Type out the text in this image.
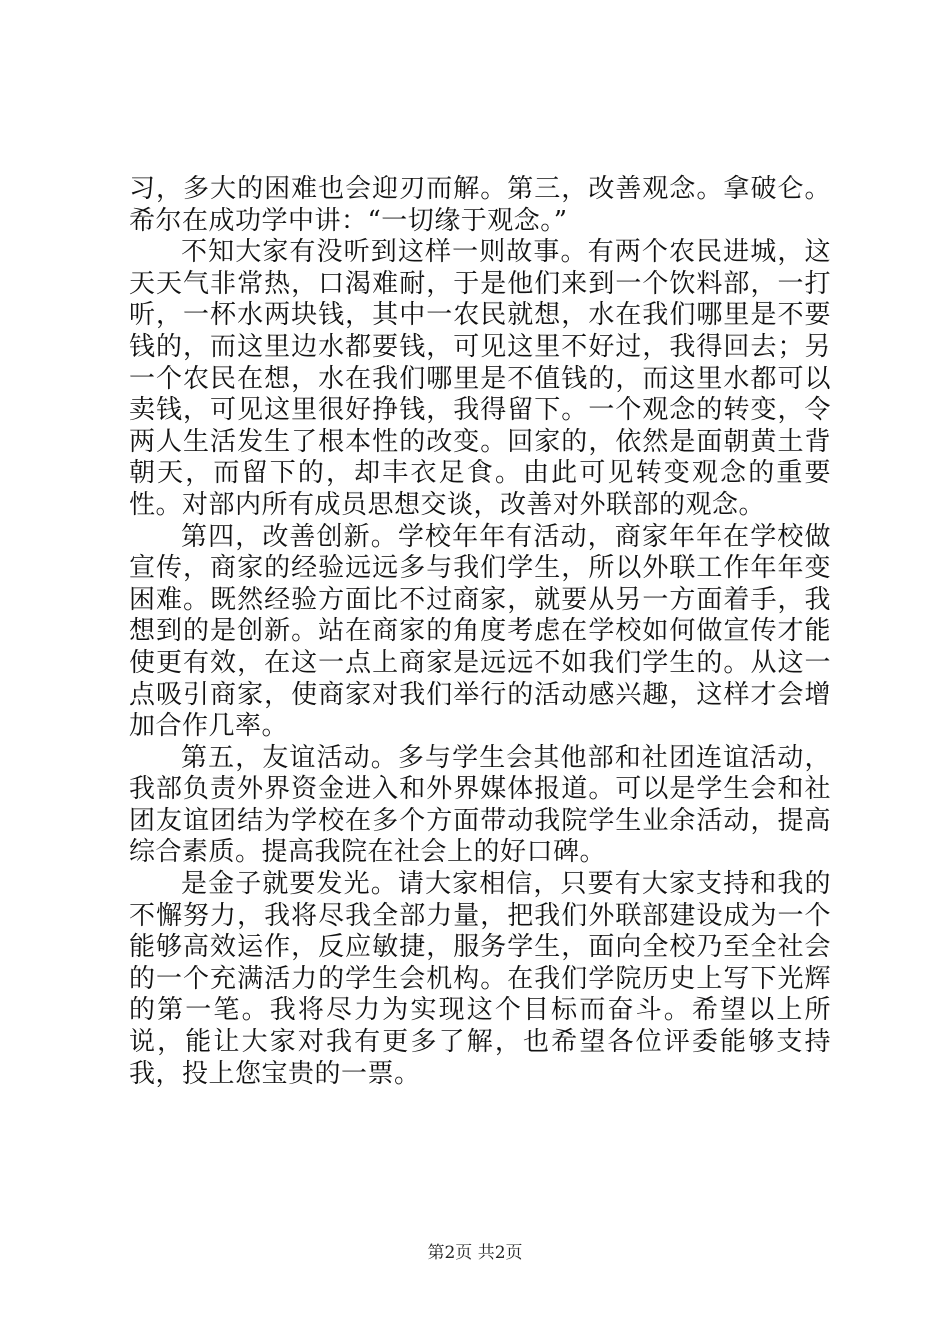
习，多大的困难也会迎刃而解。第三，改善观念。拿破仑。希尔在成功学中讲：“一切缘于观念。”

不知大家有没听到这样一则故事。有两个农民进城，这天天气非常热，口渴难耐，于是他们来到一个饮料部，一打听，一杯水两块钱，其中一农民就想，水在我们哪里是不要钱的，而这里边水都要钱，可见这里不好过，我得回去；另一个农民在想，水在我们哪里是不值钱的，而这里水都可以卖钱，可见这里很好挣钱，我得留下。一个观念的转变，令两人生活发生了根本性的改变。回家的，依然是面朝黄土背朝天，而留下的，却丰衣足食。由此可见转变观念的重要性。对部内所有成员思想交谈，改善对外联部的观念。

第四，改善创新。学校年年有活动，商家年年在学校做宣传，商家的经验远远多与我们学生，所以外联工作年年变困难。既然经验方面比不过商家，就要从另一方面着手，我想到的是创新。站在商家的角度考虑在学校如何做宣传才能使更有效，在这一点上商家是远远不如我们学生的。从这一点吸引商家，使商家对我们举行的活动感兴趣，这样才会增加合作几率。

第五，友谊活动。多与学生会其他部和社团连谊活动，我部负责外界资金进入和外界媒体报道。可以是学生会和社团友谊团结为学校在多个方面带动我院学生业余活动，提高综合素质。提高我院在社会上的好口碑。

是金子就要发光。请大家相信，只要有大家支持和我的不懈努力，我将尽我全部力量，把我们外联部建设成为一个能够高效运作，反应敏捷，服务学生，面向全校乃至全社会的一个充满活力的学生会机构。在我们学院历史上写下光辉的第一笔。我将尽力为实现这个目标而奋斗。希望以上所说，能让大家对我有更多了解，也希望各位评委能够支持我，投上您宝贵的一票。

第2页 共2页
